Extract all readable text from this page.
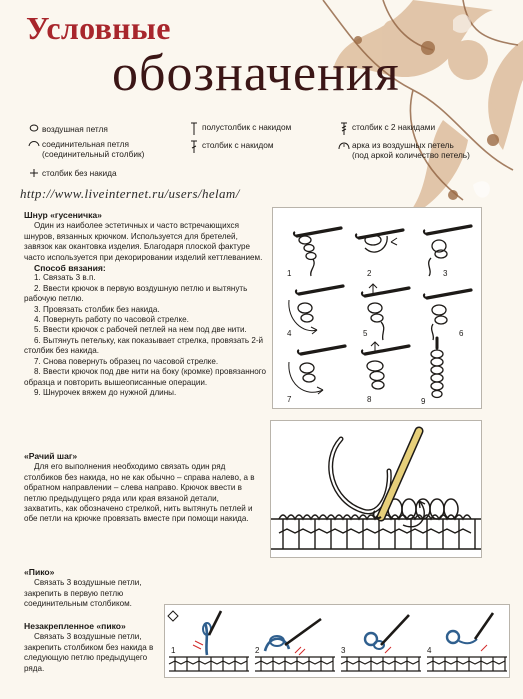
Условные
обозначения
воздушная петля
соединительная петля
(соединительный столбик)
столбик без накида
полустолбик с накидом
столбик с накидом
столбик с 2 накидами
арка из воздушных петель
(под аркой количество петель)
http://www.liveinternet.ru/users/helam/
Шнур «гусеничка»

Один из наиболее эстетичных и часто встречающихся шнуров, вязанных крючком. Используется для бретелей, завязок как окантовка изделия. Благодаря плоской фактуре часто используется при декорировании изделий кеттлеванием.

Способ вязания:
1. Связать 3 в.п.
2. Ввести крючок в первую воздушную петлю и вытянуть рабочую петлю.
3. Провязать столбик без накида.
4. Повернуть работу по часовой стрелке.
5. Ввести крючок с рабочей петлей на нем под две нити.
6. Вытянуть петельку, как показывает стрелка, провязать 2-й столбик без накида.
7. Снова повернуть образец по часовой стрелке.
8. Ввести крючок под две нити на боку (кромке) провязанного образца и повторить вышеописанные операции.
9. Шнурочек вяжем до нужной длины.
1	2	3
4	5	6
7	8	9
«Рачий шаг»

Для его выполнения необходимо связать один ряд столбиков без накида, но не как обычно – справа налево, а в обратном направлении – слева направо. Крючок ввести в петлю предыдущего ряда или края вязаной детали, захватить, как обозначено стрелкой, нить вытянуть петлей и обе петли на крючке провязать вместе при помощи накида.

«Пико»

Связать 3 воздушные петли, закрепить в первую петлю соединительным столбиком.

Незакрепленное «пико»

Связать 3 воздушные петли, закрепить столбиком без накида в следующую петлю предыдущего ряда.

1	2	3	4
